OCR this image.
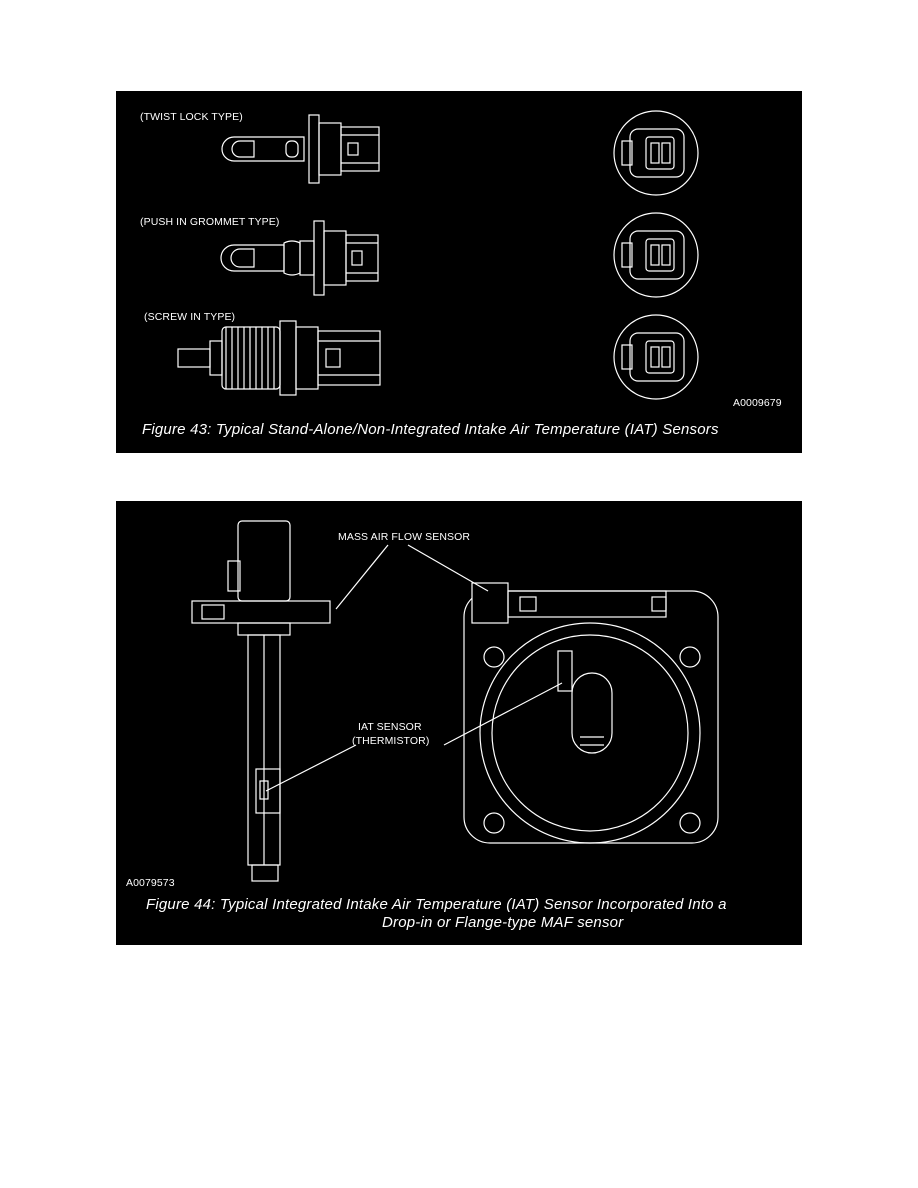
(TWIST LOCK TYPE)
(PUSH IN GROMMET TYPE)
(SCREW IN TYPE)
A0009679
Figure 43: Typical Stand-Alone/Non-Integrated Intake Air Temperature (IAT) Sensors
MASS AIR FLOW SENSOR
IAT SENSOR
(THERMISTOR)
A0079573
Figure 44: Typical Integrated Intake Air Temperature (IAT) Sensor Incorporated Into a
Drop-in or Flange-type MAF sensor
